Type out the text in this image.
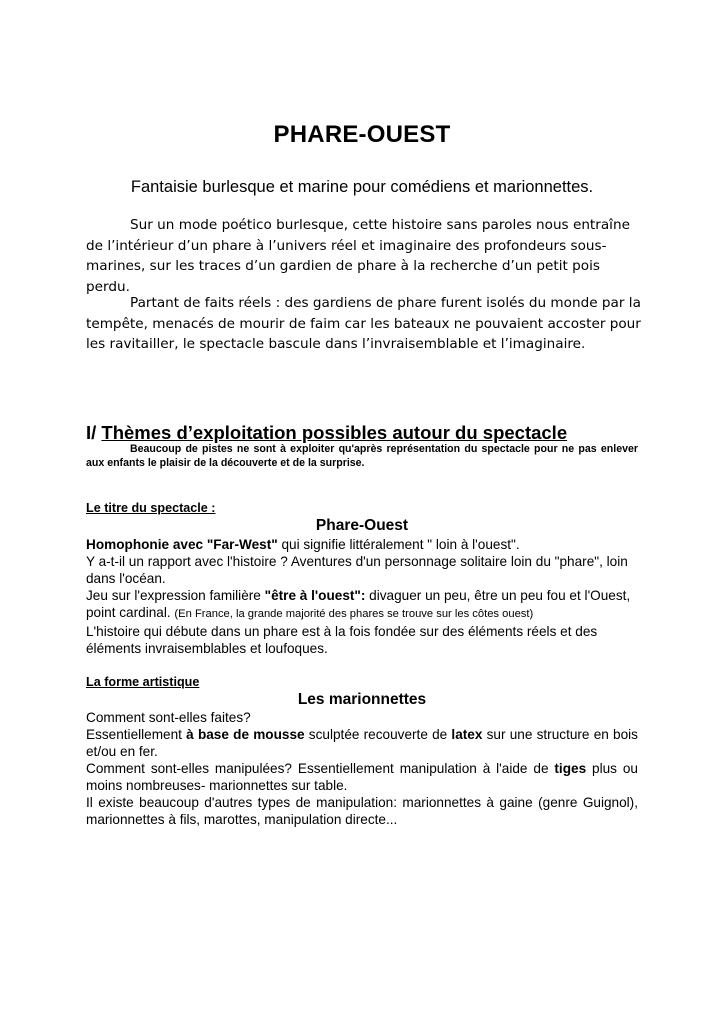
PHARE-OUEST
Fantaisie burlesque et marine pour comédiens et marionnettes.
Sur un mode poético burlesque, cette histoire sans paroles nous entraîne de l’intérieur d’un phare à l’univers réel et imaginaire des profondeurs sous-marines, sur les traces d’un gardien de phare à la recherche d’un petit pois perdu.
Partant de faits réels : des gardiens de phare furent isolés du monde par la tempête, menacés de mourir de faim car les bateaux ne pouvaient accoster pour les ravitailler, le spectacle bascule dans l’invraisemblable et l’imaginaire.
I/ Thèmes d’exploitation possibles autour du spectacle
Beaucoup de pistes ne sont à exploiter qu'après représentation du spectacle pour ne pas enlever aux enfants le plaisir de la découverte et de la surprise.
Le titre du spectacle :
Phare-Ouest

Homophonie avec "Far-West" qui signifie littéralement " loin à l'ouest".

Y a-t-il un rapport avec l'histoire ? Aventures d'un personnage solitaire loin du "phare", loin dans l'océan.

Jeu sur l'expression familière "être à l'ouest": divaguer un peu, être un peu fou et l'Ouest, point cardinal. (En France, la grande majorité des phares se trouve sur les côtes ouest)

L'histoire qui débute dans un phare est à la fois fondée sur des éléments réels et des éléments invraisemblables et loufoques.

La forme artistique
Les marionnettes

Comment sont-elles faites?

Essentiellement à base de mousse sculptée recouverte de latex sur une structure en bois et/ou en fer.

Comment sont-elles manipulées? Essentiellement manipulation à l'aide de tiges plus ou moins nombreuses- marionnettes sur table.

Il existe beaucoup d'autres types de manipulation: marionnettes à gaine (genre Guignol), marionnettes à fils, marottes, manipulation directe...
